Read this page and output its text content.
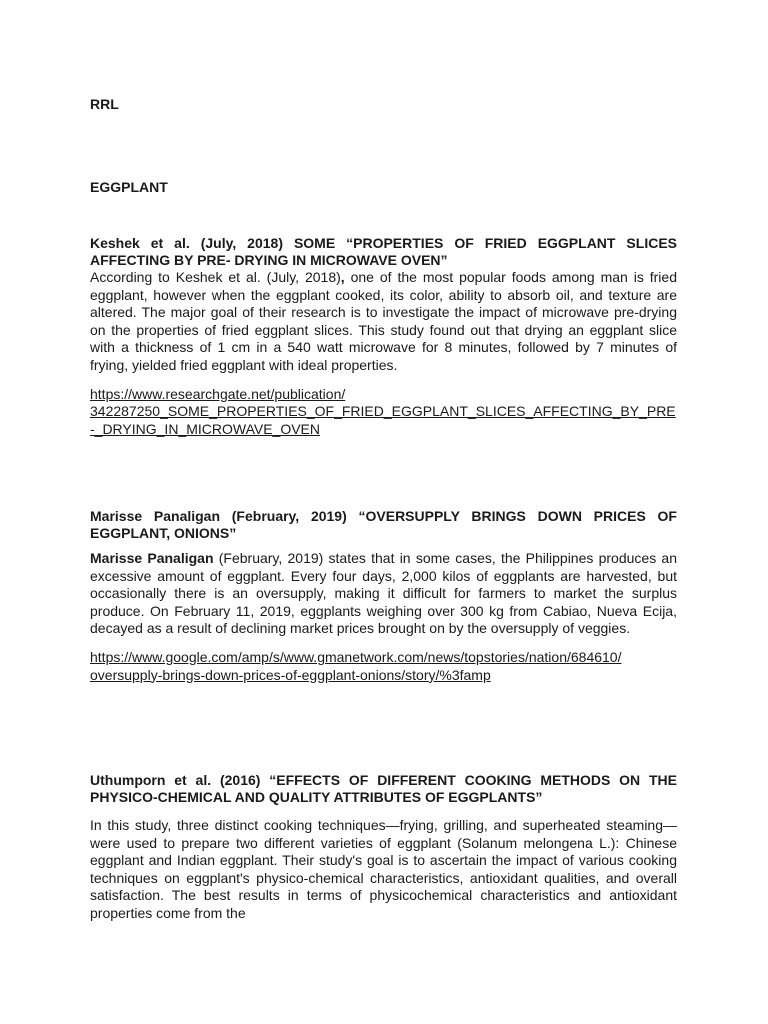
RRL

EGGPLANT

Keshek et al. (July, 2018) SOME “PROPERTIES OF FRIED EGGPLANT SLICES AFFECTING BY PRE- DRYING IN MICROWAVE OVEN”

According to Keshek et al. (July, 2018), one of the most popular foods among man is fried eggplant, however when the eggplant cooked, its color, ability to absorb oil, and texture are altered. The major goal of their research is to investigate the impact of microwave pre-drying on the properties of fried eggplant slices. This study found out that drying an eggplant slice with a thickness of 1 cm in a 540 watt microwave for 8 minutes, followed by 7 minutes of frying, yielded fried eggplant with ideal properties.

https://www.researchgate.net/publication/
342287250_SOME_PROPERTIES_OF_FRIED_EGGPLANT_SLICES_AFFECTING_BY_PRE-_DRYING_IN_MICROWAVE_OVEN

Marisse Panaligan (February, 2019) “OVERSUPPLY BRINGS DOWN PRICES OF EGGPLANT, ONIONS”

Marisse Panaligan (February, 2019) states that in some cases, the Philippines produces an excessive amount of eggplant. Every four days, 2,000 kilos of eggplants are harvested, but occasionally there is an oversupply, making it difficult for farmers to market the surplus produce. On February 11, 2019, eggplants weighing over 300 kg from Cabiao, Nueva Ecija, decayed as a result of declining market prices brought on by the oversupply of veggies.

https://www.google.com/amp/s/www.gmanetwork.com/news/topstories/nation/684610/
oversupply-brings-down-prices-of-eggplant-onions/story/%3famp

Uthumporn et al. (2016) “EFFECTS OF DIFFERENT COOKING METHODS ON THE PHYSICO-CHEMICAL AND QUALITY ATTRIBUTES OF EGGPLANTS”

In this study, three distinct cooking techniques—frying, grilling, and superheated steaming—were used to prepare two different varieties of eggplant (Solanum melongena L.): Chinese eggplant and Indian eggplant. Their study's goal is to ascertain the impact of various cooking techniques on eggplant's physico-chemical characteristics, antioxidant qualities, and overall satisfaction. The best results in terms of physicochemical characteristics and antioxidant properties come from the
